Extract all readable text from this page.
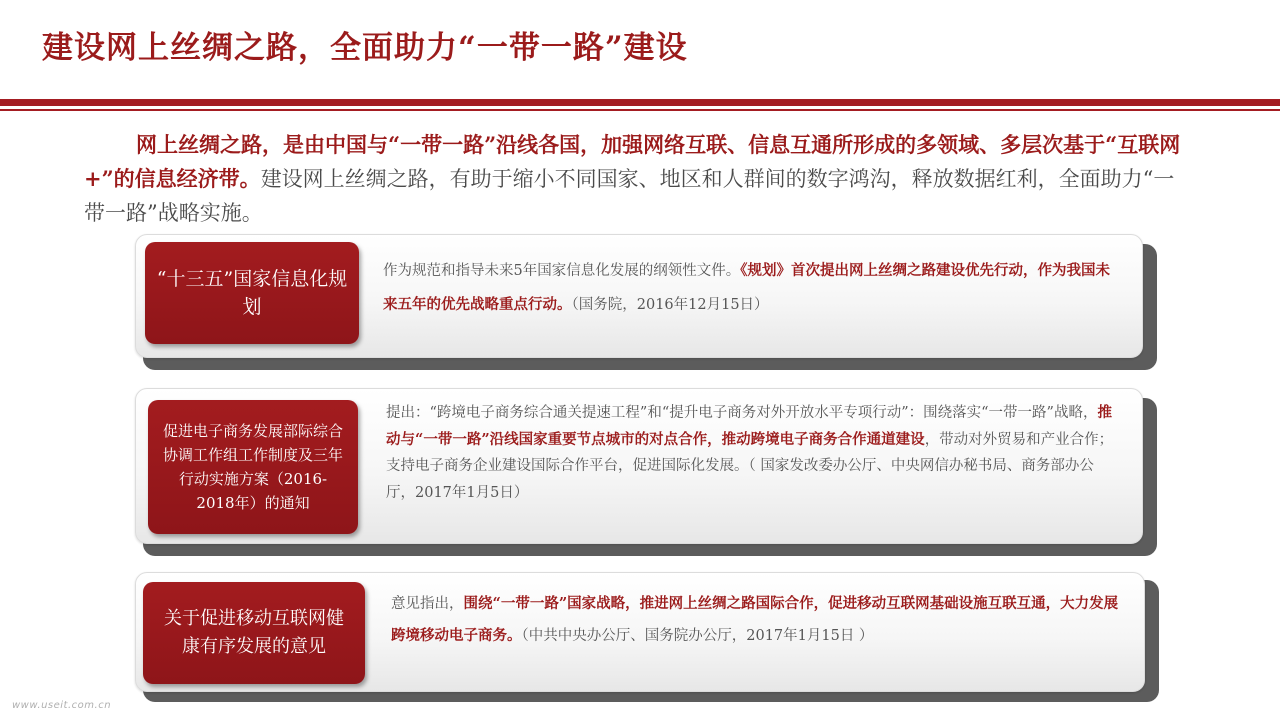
建设网上丝绸之路，全面助力“一带一路”建设
网上丝绸之路，是由中国与“一带一路”沿线各国，加强网络互联、信息互通所形成的多领域、多层次基于“互联网+”的信息经济带。建设网上丝绸之路，有助于缩小不同国家、地区和人群间的数字鸿沟，释放数据红利，全面助力“一带一路”战略实施。
“十三五”国家信息化规划
作为规范和指导未来5年国家信息化发展的纲领性文件。《规划》首次提出网上丝绸之路建设优先行动，作为我国未来五年的优先战略重点行动。（国务院，2016年12月15日）
促进电子商务发展部际综合协调工作组工作制度及三年行动实施方案（2016-2018年）的通知
提出：“跨境电子商务综合通关提速工程”和“提升电子商务对外开放水平专项行动”：围绕落实“一带一路”战略，推动与“一带一路”沿线国家重要节点城市的对点合作，推动跨境电子商务合作通道建设，带动对外贸易和产业合作；支持电子商务企业建设国际合作平台，促进国际化发展。（ 国家发改委办公厅、中央网信办秘书局、商务部办公厅，2017年1月5日）
关于促进移动互联网健康有序发展的意见
意见指出，围绕“一带一路”国家战略，推进网上丝绸之路国际合作，促进移动互联网基础设施互联互通，大力发展跨境移动电子商务。（中共中央办公厅、国务院办公厅，2017年1月15日 ）
www.useit.com.cn
